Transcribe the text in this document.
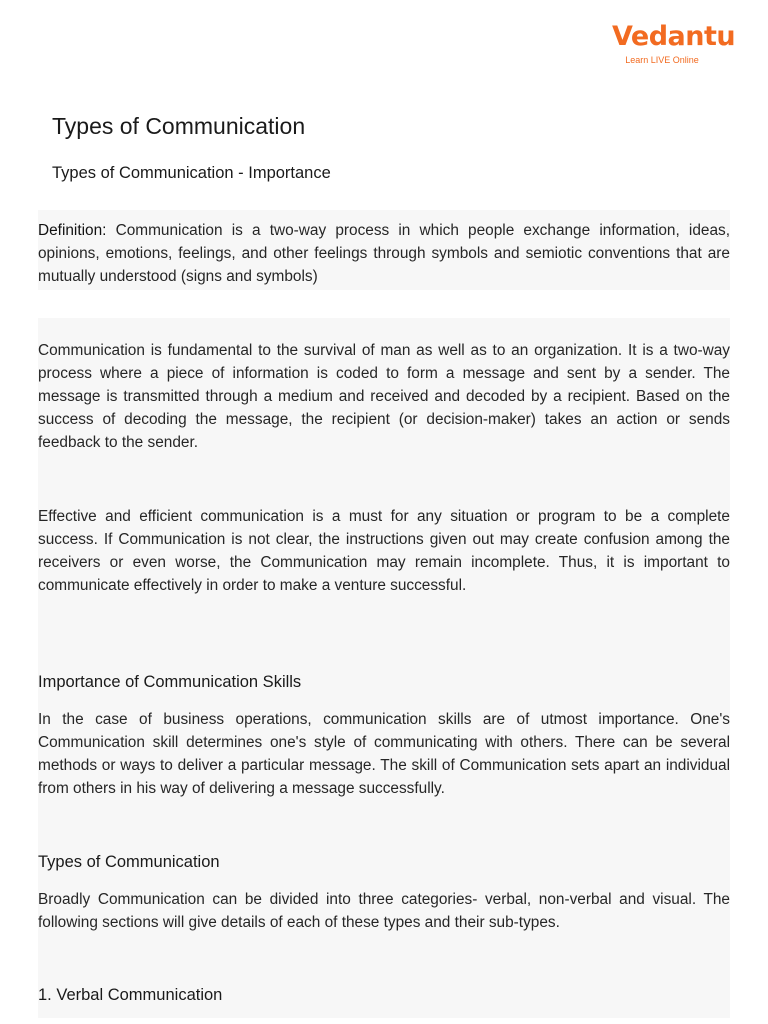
Vedantu
Learn LIVE Online
Types of Communication
Types of Communication - Importance

Definition: Communication is a two-way process in which people exchange information, ideas, opinions, emotions, feelings, and other feelings through symbols and semiotic conventions that are mutually understood (signs and symbols)

Communication is fundamental to the survival of man as well as to an organization. It is a two-way process where a piece of information is coded to form a message and sent by a sender. The message is transmitted through a medium and received and decoded by a recipient. Based on the success of decoding the message, the recipient (or decision-maker) takes an action or sends feedback to the sender.

Effective and efficient communication is a must for any situation or program to be a complete success. If Communication is not clear, the instructions given out may create confusion among the receivers or even worse, the Communication may remain incomplete. Thus, it is important to communicate effectively in order to make a venture successful.

Importance of Communication Skills

In the case of business operations, communication skills are of utmost importance. One's Communication skill determines one's style of communicating with others. There can be several methods or ways to deliver a particular message. The skill of Communication sets apart an individual from others in his way of delivering a message successfully.

Types of Communication

Broadly Communication can be divided into three categories- verbal, non-verbal and visual. The following sections will give details of each of these types and their sub-types.

1. Verbal Communication
